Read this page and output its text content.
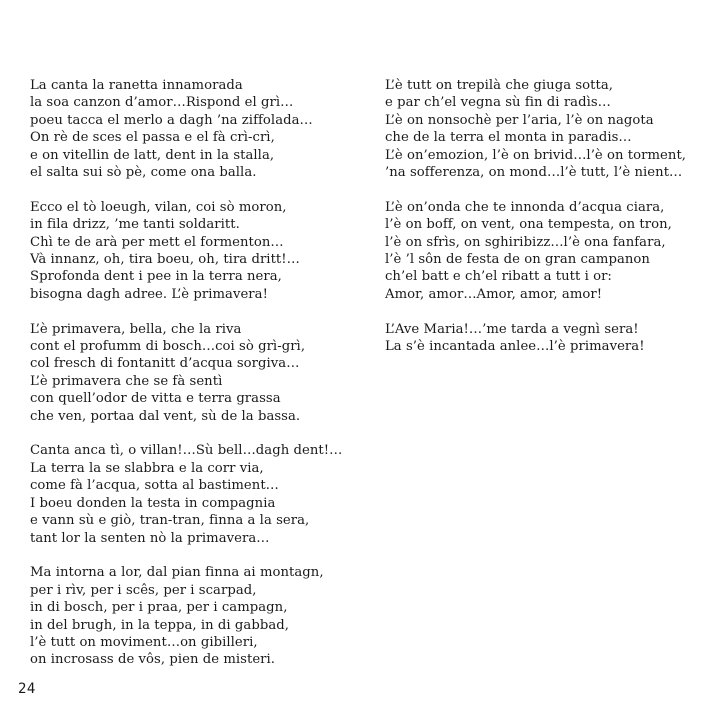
La canta la ranetta innamorada
la soa canzon d’amor…Rispond el grì…
poeu tacca el merlo a dagh ’na ziffolada…
On rè de sces el passa e el fà crì-crì,
e on vitellin de latt, dent in la stalla,
el salta sui sò pè, come ona balla.
Ecco el tò loeugh, vilan, coi sò moron,
in fila drizz, ’me tanti soldaritt.
Chì te de arà per mett el formenton…
Và innanz, oh, tira boeu, oh, tira dritt!…
Sprofonda dent i pee in la terra nera,
bisogna dagh adree. L’è primavera!
L’è primavera, bella, che la riva
cont el profumm di bosch…coi sò grì-grì,
col fresch di fontanitt d’acqua sorgiva…
L’è primavera che se fà sentì
con quell’odor de vitta e terra grassa
che ven, portaa dal vent, sù de la bassa.
Canta anca tì, o villan!…Sù bell…dagh dent!…
La terra la se slabbra e la corr via,
come fà l’acqua, sotta al bastiment…
I boeu donden la testa in compagnia
e vann sù e giò, tran-tran, finna a la sera,
tant lor la senten nò la primavera…
Ma intorna a lor, dal pian finna ai montagn,
per i rìv, per i scês, per i scarpad,
in di bosch, per i praa, per i campagn,
in del brugh, in la teppa, in di gabbad,
l’è tutt on moviment…on gibilleri,
on incrosass de vôs, pien de misteri.
L’è tutt on trepilà che giuga sotta,
e par ch’el vegna sù fin di radìs…
L’è on nonsochè per l’aria, l’è on nagota
che de la terra el monta in paradis…
L’è on’emozion, l’è on brivid…l’è on torment,
’na sofferenza, on mond…l’è tutt, l’è nient…
L’è on’onda che te innonda d’acqua ciara,
l’è on boff, on vent, ona tempesta, on tron,
l’è on sfrìs, on sghiribizz…l’è ona fanfara,
l’è ’l sôn de festa de on gran campanon
ch’el batt e ch’el ribatt a tutt i or:
Amor, amor…Amor, amor, amor!
L’Ave Maria!…’me tarda a vegnì sera!
La s’è incantada anlee…l’è primavera!
24
